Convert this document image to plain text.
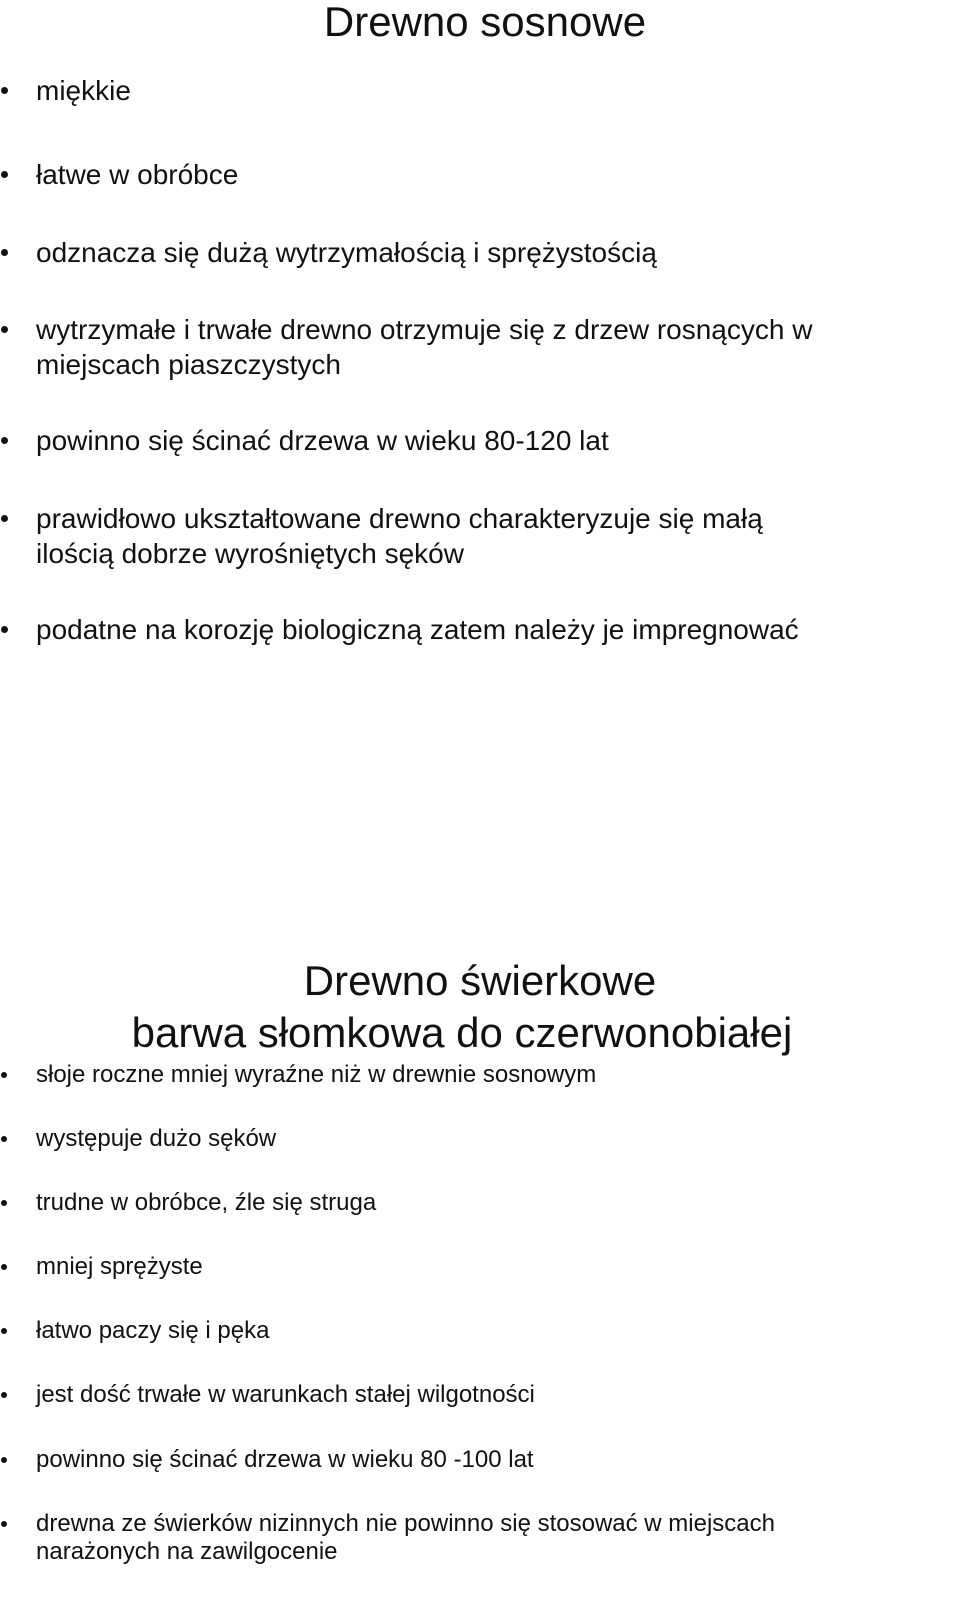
Drewno sosnowe
miękkie
łatwe w obróbce
odznacza się dużą wytrzymałością i sprężystością
wytrzymałe i trwałe drewno otrzymuje się z drzew rosnących w
miejscach piaszczystych
powinno się ścinać drzewa w wieku 80-120 lat
prawidłowo ukształtowane drewno charakteryzuje się małą
ilością dobrze wyrośniętych sęków
podatne na korozję biologiczną zatem należy je impregnować
Drewno świerkowe
barwa słomkowa do czerwonobiałej
słoje roczne mniej wyraźne niż w drewnie sosnowym
występuje dużo sęków
trudne w obróbce, źle się struga
mniej sprężyste
łatwo paczy się i pęka
jest dość trwałe w warunkach stałej wilgotności
powinno się ścinać drzewa w wieku 80 -100 lat
drewna ze świerków nizinnych nie powinno się stosować w miejscach
narażonych na zawilgocenie
